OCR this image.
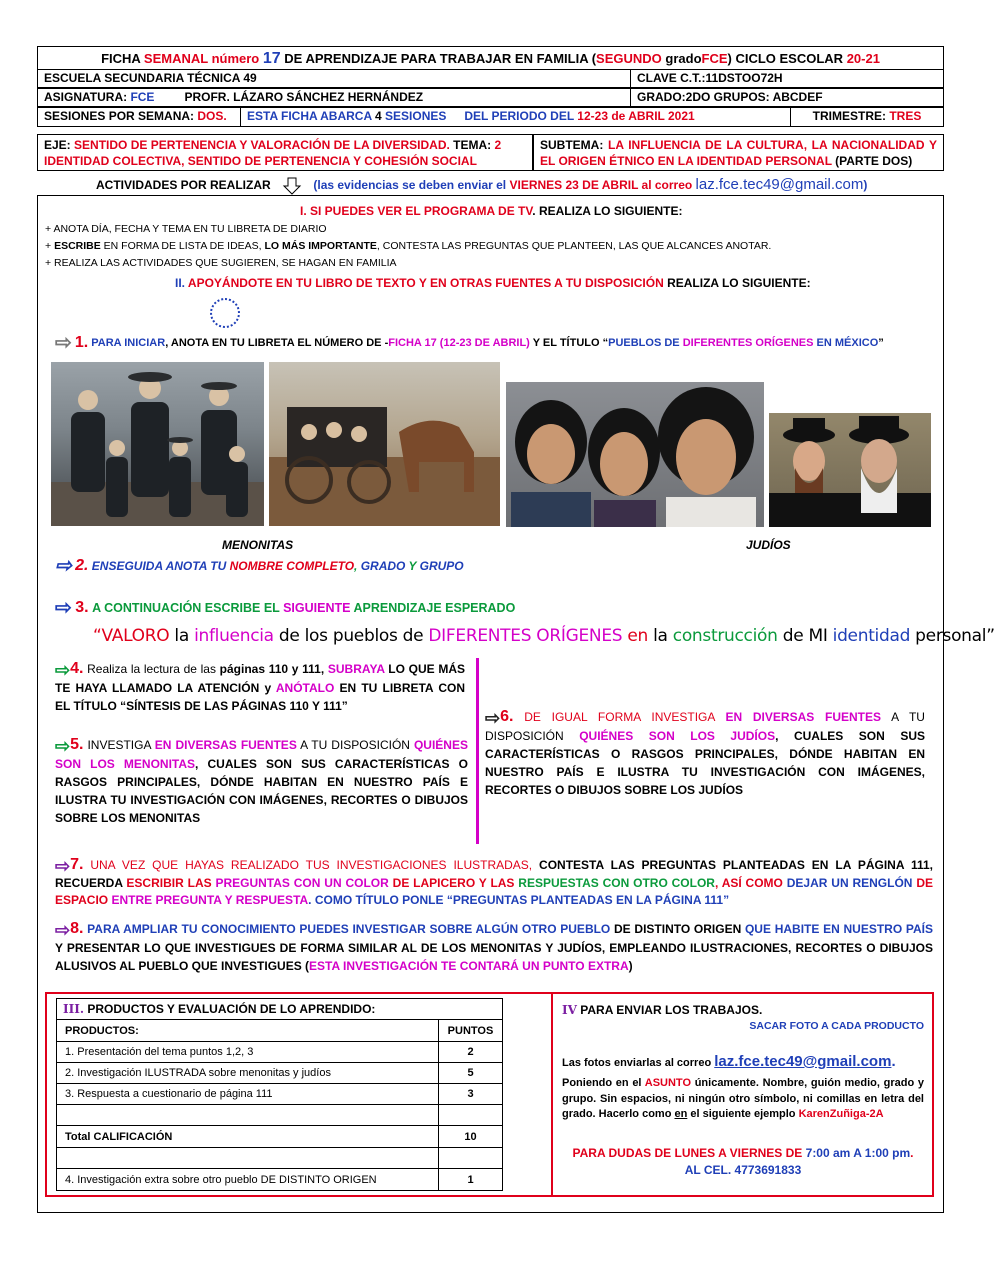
FICHA SEMANAL número 17 DE APRENDIZAJE PARA TRABAJAR EN FAMILIA (SEGUNDO gradoFCE) CICLO ESCOLAR 20-21
ESCUELA SECUNDARIA TÉCNICA 49	CLAVE C.T.:11DSTOO72H
ASIGNATURA: FCE	PROFR. LÁZARO SÁNCHEZ HERNÁNDEZ	GRADO:2DO GRUPOS: ABCDEF
SESIONES POR SEMANA: DOS.	ESTA FICHA ABARCA 4 SESIONES DEL PERIODO DEL 12-23 de ABRIL 2021	TRIMESTRE: TRES
EJE: SENTIDO DE PERTENENCIA Y VALORACIÓN DE LA DIVERSIDAD. TEMA: 2
IDENTIDAD COLECTIVA, SENTIDO DE PERTENENCIA Y COHESIÓN SOCIAL
SUBTEMA: LA INFLUENCIA DE LA CULTURA, LA NACIONALIDAD Y EL ORIGEN ÉTNICO EN LA IDENTIDAD PERSONAL (PARTE DOS)
ACTIVIDADES POR REALIZAR	(las evidencias se deben enviar el VIERNES 23 DE ABRIL al correo laz.fce.tec49@gmail.com)
I. SI PUEDES VER EL PROGRAMA DE TV. REALIZA LO SIGUIENTE:
+ ANOTA DÍA, FECHA Y TEMA EN TU LIBRETA DE DIARIO
+ ESCRIBE EN FORMA DE LISTA DE IDEAS, LO MÁS IMPORTANTE, CONTESTA LAS PREGUNTAS QUE PLANTEEN, LAS QUE ALCANCES ANOTAR.
+ REALIZA LAS ACTIVIDADES QUE SUGIEREN, SE HAGAN EN FAMILIA
II. APOYÁNDOTE EN TU LIBRO DE TEXTO Y EN OTRAS FUENTES A TU DISPOSICIÓN REALIZA LO SIGUIENTE:
⇨ 1. PARA INICIAR, ANOTA EN TU LIBRETA EL NÚMERO DE -FICHA 17 (12-23 DE ABRIL) Y EL TÍTULO “PUEBLOS DE DIFERENTES ORÍGENES EN MÉXICO”
MENONITAS	JUDÍOS
⇨ 2. ENSEGUIDA ANOTA TU NOMBRE COMPLETO, GRADO Y GRUPO
⇨ 3. A CONTINUACIÓN ESCRIBE EL SIGUIENTE APRENDIZAJE ESPERADO
“VALORO la influencia de los pueblos de DIFERENTES ORÍGENES en la construcción de MI identidad personal”

⇨4. Realiza la lectura de las páginas 110 y 111, SUBRAYA LO QUE MÁS TE HAYA LLAMADO LA ATENCIÓN y ANÓTALO EN TU LIBRETA CON EL TÍTULO “SÍNTESIS DE LAS PÁGINAS 110 Y 111”

⇨5. INVESTIGA EN DIVERSAS FUENTES A TU DISPOSICIÓN QUIÉNES SON LOS MENONITAS, CUALES SON SUS CARACTERÍSTICAS O RASGOS PRINCIPALES, DÓNDE HABITAN EN NUESTRO PAÍS E ILUSTRA TU INVESTIGACIÓN CON IMÁGENES, RECORTES O DIBUJOS SOBRE LOS MENONITAS

⇨6. DE IGUAL FORMA INVESTIGA EN DIVERSAS FUENTES A TU DISPOSICIÓN QUIÉNES SON LOS JUDÍOS, CUALES SON SUS CARACTERÍSTICAS O RASGOS PRINCIPALES, DÓNDE HABITAN EN NUESTRO PAÍS E ILUSTRA TU INVESTIGACIÓN CON IMÁGENES, RECORTES O DIBUJOS SOBRE LOS JUDÍOS

⇨7. UNA VEZ QUE HAYAS REALIZADO TUS INVESTIGACIONES ILUSTRADAS, CONTESTA LAS PREGUNTAS PLANTEADAS EN LA PÁGINA 111, RECUERDA ESCRIBIR LAS PREGUNTAS CON UN COLOR DE LAPICERO Y LAS RESPUESTAS CON OTRO COLOR, ASÍ COMO DEJAR UN RENGLÓN DE ESPACIO ENTRE PREGUNTA Y RESPUESTA. COMO TÍTULO PONLE “PREGUNTAS PLANTEADAS EN LA PÁGINA 111”

⇨8. PARA AMPLIAR TU CONOCIMIENTO PUEDES INVESTIGAR SOBRE ALGÚN OTRO PUEBLO DE DISTINTO ORIGEN QUE HABITE EN NUESTRO PAÍS Y PRESENTAR LO QUE INVESTIGUES DE FORMA SIMILAR AL DE LOS MENONITAS Y JUDÍOS, EMPLEANDO ILUSTRACIONES, RECORTES O DIBUJOS ALUSIVOS AL PUEBLO QUE INVESTIGUES (ESTA INVESTIGACIÓN TE CONTARÁ UN PUNTO EXTRA)

III. PRODUCTOS Y EVALUACIÓN DE LO APRENDIDO:	
PRODUCTOS:	PUNTOS
1. Presentación del tema puntos 1,2, 3	2
2. Investigación ILUSTRADA sobre menonitas y judíos	5
3. Respuesta a cuestionario de página 111	3

Total CALIFICACIÓN	10

4. Investigación extra sobre otro pueblo DE DISTINTO ORIGEN	1
IV PARA ENVIAR LOS TRABAJOS.
SACAR FOTO A CADA PRODUCTO
Las fotos enviarlas al correo laz.fce.tec49@gmail.com.

Poniendo en el ASUNTO únicamente. Nombre, guión medio, grado y grupo. Sin espacios, ni ningún otro símbolo, ni comillas en letra del grado. Hacerlo como en el siguiente ejemplo KarenZuñiga-2A

PARA DUDAS DE LUNES A VIERNES DE 7:00 am A 1:00 pm.
AL CEL. 4773691833
